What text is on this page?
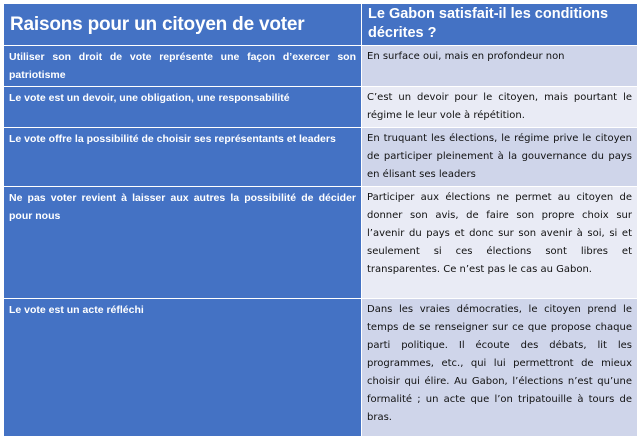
Raisons pour un citoyen de voter	Le Gabon satisfait-il les conditions décrites ?
Utiliser son droit de vote représente une façon d’exercer son patriotisme	En surface oui, mais en profondeur non
Le vote est un devoir, une obligation, une responsabilité	C’est un devoir pour le citoyen, mais pourtant le régime le leur vole à répétition.
Le vote offre la possibilité de choisir ses représentants et leaders	En truquant les élections, le régime prive le citoyen de participer pleinement à la gouvernance du pays en élisant ses leaders
Ne pas voter revient à laisser aux autres la possibilité de décider pour nous	Participer aux élections ne permet au citoyen de donner son avis, de faire son propre choix sur l’avenir du pays et donc sur son avenir à soi, si et seulement si ces élections sont libres et transparentes. Ce n’est pas le cas au Gabon.
Le vote est un acte réfléchi	Dans les vraies démocraties, le citoyen prend le temps de se renseigner sur ce que propose chaque parti politique. Il écoute des débats, lit les programmes, etc., qui lui permettront de mieux choisir qui élire. Au Gabon, l’élections n’est qu’une formalité ; un acte que l’on tripatouille à tours de bras.
